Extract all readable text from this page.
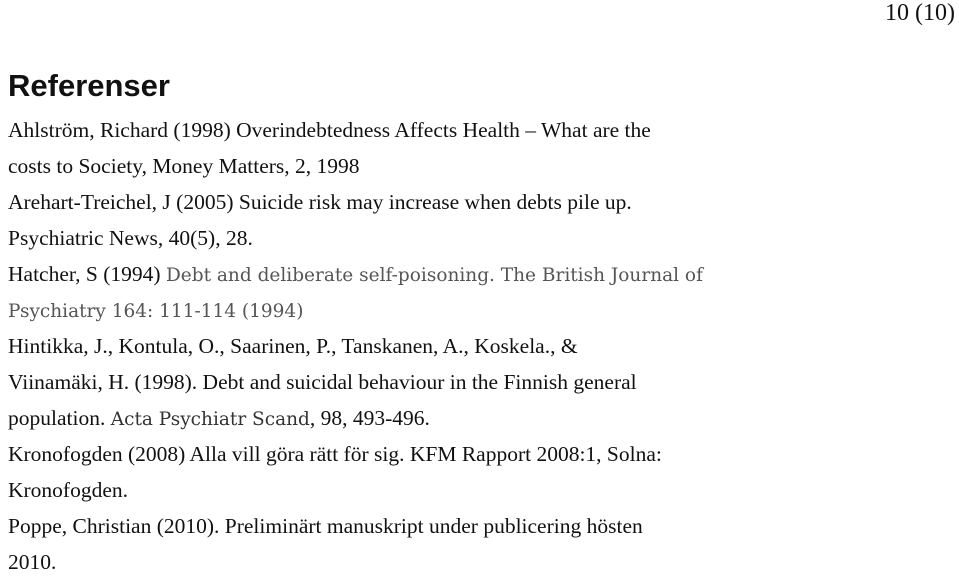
10 (10)
Referenser
Ahlström, Richard (1998) Overindebtedness Affects Health – What are the
costs to Society, Money Matters, 2, 1998
Arehart-Treichel, J (2005) Suicide risk may increase when debts pile up.
Psychiatric News, 40(5), 28.
Hatcher, S (1994) Debt and deliberate self-poisoning. The British Journal of
Psychiatry 164: 111-114 (1994)
Hintikka, J., Kontula, O., Saarinen, P., Tanskanen, A., Koskela., &
Viinamäki, H. (1998). Debt and suicidal behaviour in the Finnish general
population. Acta Psychiatr Scand, 98, 493-496.
Kronofogden (2008) Alla vill göra rätt för sig. KFM Rapport 2008:1, Solna:
Kronofogden.
Poppe, Christian (2010). Preliminärt manuskript under publicering hösten
2010.
